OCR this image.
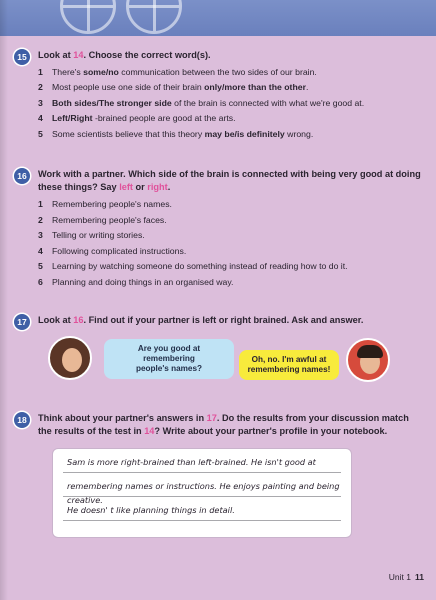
15	Look at 14. Choose the correct word(s).
1	There's some/no communication between the two sides of our brain.
2	Most people use one side of their brain only/more than the other.
3	Both sides/The stronger side of the brain is connected with what we're good at.
4	Left/Right -brained people are good at the arts.
5	Some scientists believe that this theory may be/is definitely wrong.
16	Work with a partner. Which side of the brain is connected with being very good at doing
these things? Say left or right.
1	Remembering people's names.
2	Remembering people's faces.
3	Telling or writing stories.
4	Following complicated instructions.
5	Learning by watching someone do something instead of reading how to do it.
6	Planning and doing things in an organised way.
17	Look at 16. Find out if your partner is left or right brained. Ask and answer.
Are you good at remembering
people's names?
Oh, no. I'm awful at
remembering names!
18	Think about your partner's answers in 17. Do the results from your discussion match
the results of the test in 14? Write about your partner's profile in your notebook.
Sam is more right-brained than left-brained. He isn't good at
remembering names or instructions. He enjoys painting and being creative.
He doesn' t like planning things in detail.
Unit 1 11
